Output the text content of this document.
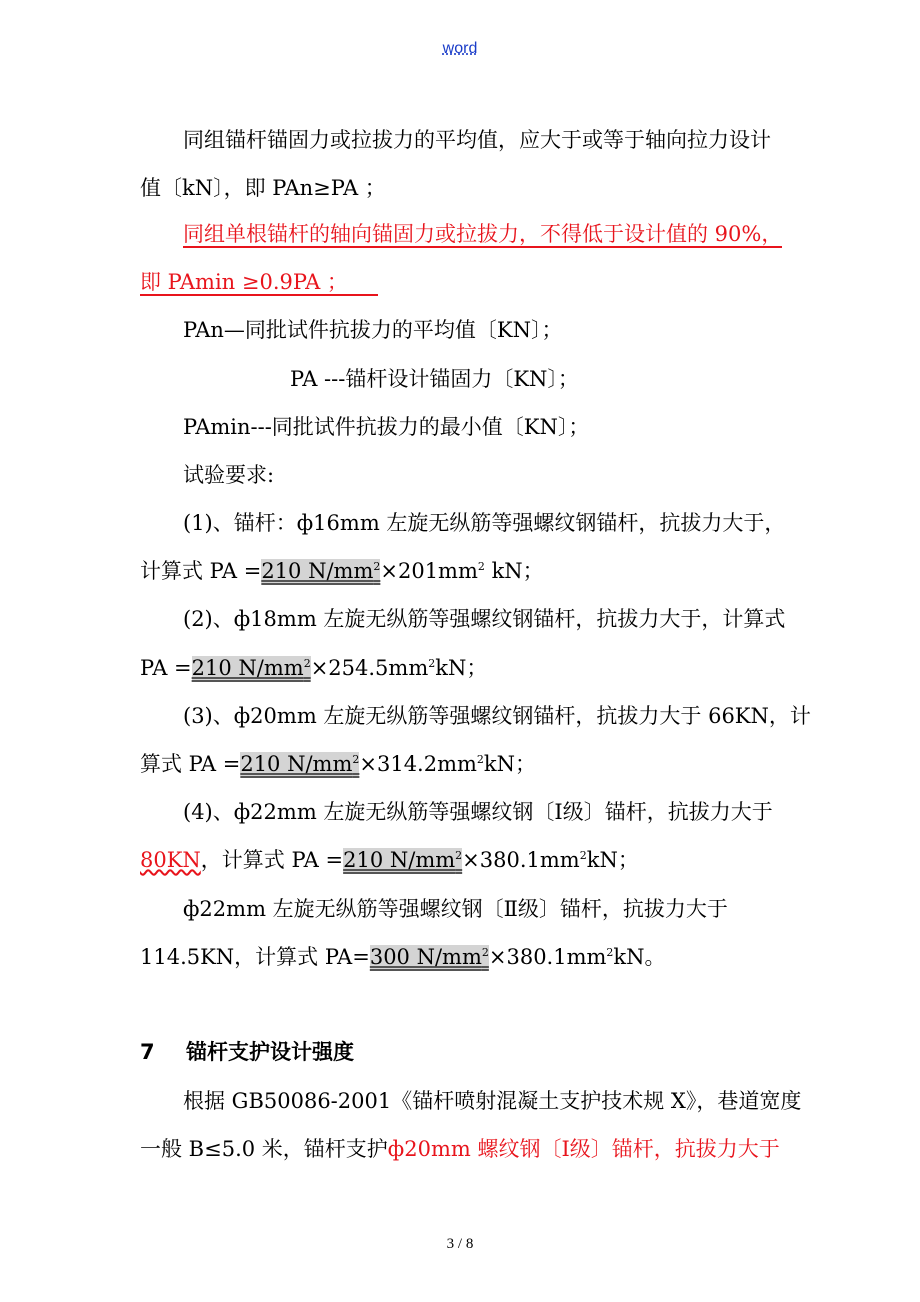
word
同组锚杆锚固力或拉拔力的平均值，应大于或等于轴向拉力设计
值〔kN〕，即 PAn≥PA ；
同组单根锚杆的轴向锚固力或拉拔力，不得低于设计值的 90%，
即 PAmin ≥0.9PA ；
PAn—同批试件抗拔力的平均值〔KN〕；
PA ---锚杆设计锚固力〔KN〕；
PAmin---同批试件抗拔力的最小值〔KN〕；
试验要求:
(1)、锚杆：ф16mm 左旋无纵筋等强螺纹钢锚杆，抗拔力大于，
计算式 PA =210 $N/mm^2\times 201mm^2$ kN；
(2)、ф18mm 左旋无纵筋等强螺纹钢锚杆，抗拔力大于，计算式
PA =210 $N/mm^2\times 254.5mm^2kN$；
(3)、ф20mm 左旋无纵筋等强螺纹钢锚杆，抗拔力大于 66KN，计
算式 PA =210 $N/mm^2\times 314.2mm^2kN$；
(4)、ф22mm 左旋无纵筋等强螺纹钢〔Ⅰ级〕锚杆，抗拔力大于
80KN，计算式 PA =210 $N/mm^2\times 380.1mm^2kN$；
ф22mm 左旋无纵筋等强螺纹钢〔Ⅱ级〕锚杆，抗拔力大于
114.5KN，计算式 PA=300 $N/mm^2\times 380.1mm^2kN$。
7 锚杆支护设计强度
根据 GB50086-2001《锚杆喷射混凝土支护技术规 X》，巷道宽度
一般 B≤5.0 米，锚杆支护ф20mm 螺纹钢〔Ⅰ级〕锚杆，抗拔力大于
3 / 8
